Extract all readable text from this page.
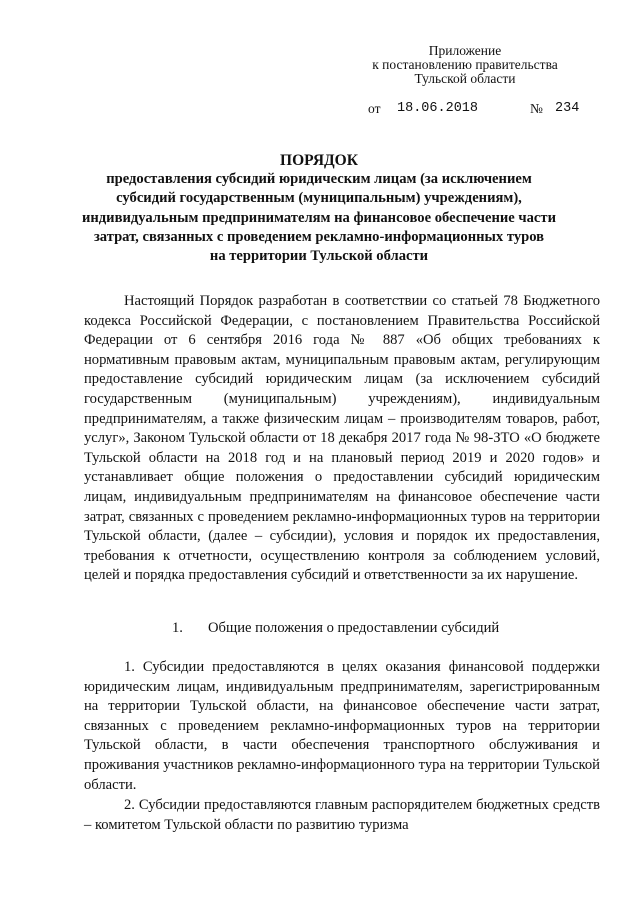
Приложение
к постановлению правительства
Тульской области
от 18.06.2018	№ 234
ПОРЯДОК
предоставления субсидий юридическим лицам (за исключением
субсидий государственным (муниципальным) учреждениям),
индивидуальным предпринимателям на финансовое обеспечение части
затрат, связанных с проведением рекламно-информационных туров
на территории Тульской области

Настоящий Порядок разработан в соответствии со статьей 78 Бюджетного кодекса Российской Федерации, с постановлением Правительства Российской Федерации от 6 сентября 2016 года № 887 «Об общих требованиях к нормативным правовым актам, муниципальным правовым актам, регулирующим предоставление субсидий юридическим лицам (за исключением субсидий государственным (муниципальным) учреждениям), индивидуальным предпринимателям, а также физическим лицам – производителям товаров, работ, услуг», Законом Тульской области от 18 декабря 2017 года № 98-ЗТО «О бюджете Тульской области на 2018 год и на плановый период 2019 и 2020 годов» и устанавливает общие положения о предоставлении субсидий юридическим лицам, индивидуальным предпринимателям на финансовое обеспечение части затрат, связанных с проведением рекламно-информационных туров на территории Тульской области, (далее – субсидии), условия и порядок их предоставления, требования к отчетности, осуществлению контроля за соблюдением условий, целей и порядка предоставления субсидий и ответственности за их нарушение.

1. Общие положения о предоставлении субсидий

1. Субсидии предоставляются в целях оказания финансовой поддержки юридическим лицам, индивидуальным предпринимателям, зарегистрированным на территории Тульской области, на финансовое обеспечение части затрат, связанных с проведением рекламно-информационных туров на территории Тульской области, в части обеспечения транспортного обслуживания и проживания участников рекламно-информационного тура на территории Тульской области.

2. Субсидии предоставляются главным распорядителем бюджетных средств – комитетом Тульской области по развитию туризма
